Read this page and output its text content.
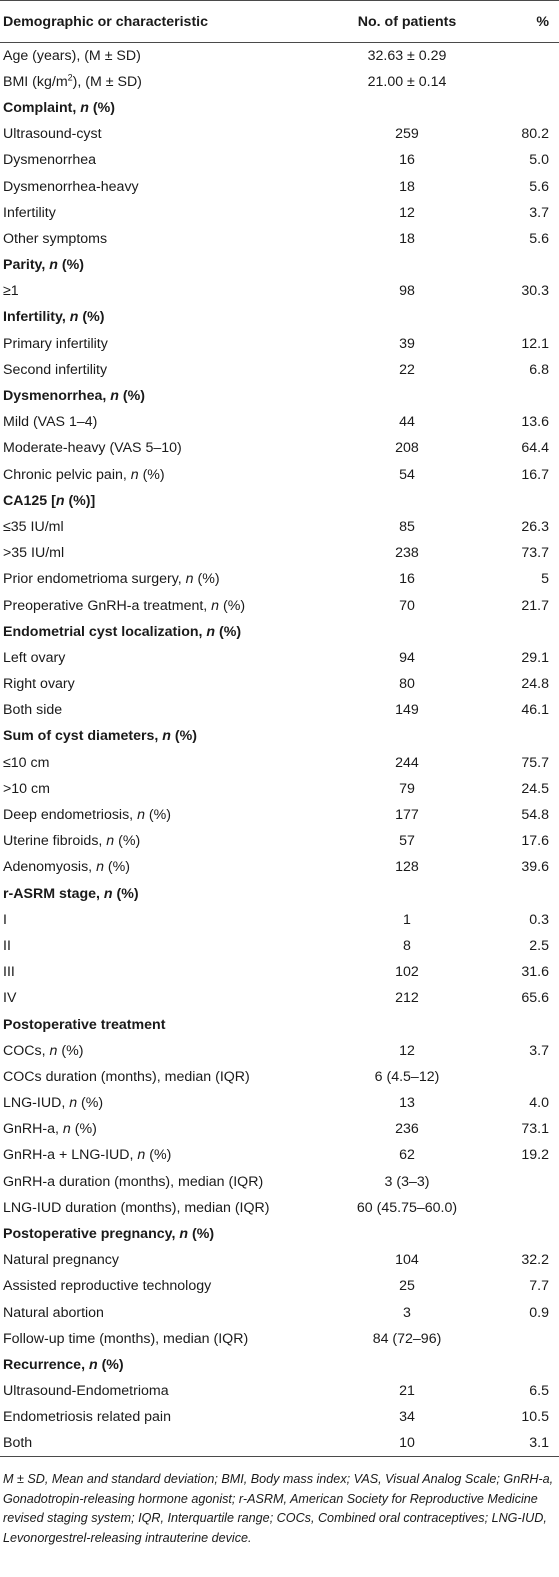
Demographic or characteristic	No. of patients	%
Age (years), (M ± SD)	32.63 ± 0.29	
BMI $(kg/m^2)$, (M ± SD)	21.00 ± 0.14	
Complaint, n (%)		
Ultrasound-cyst	259	80.2
Dysmenorrhea	16	5.0
Dysmenorrhea-heavy	18	5.6
Infertility	12	3.7
Other symptoms	18	5.6
Parity, n (%)		
≥1	98	30.3
Infertility, n (%)		
Primary infertility	39	12.1
Second infertility	22	6.8
Dysmenorrhea, n (%)		
Mild (VAS 1–4)	44	13.6
Moderate-heavy (VAS 5–10)	208	64.4
Chronic pelvic pain, n (%)	54	16.7
CA125 [n (%)]		
≤35 IU/ml	85	26.3
>35 IU/ml	238	73.7
Prior endometrioma surgery, n (%)	16	5
Preoperative GnRH-a treatment, n (%)	70	21.7
Endometrial cyst localization, n (%)		
Left ovary	94	29.1
Right ovary	80	24.8
Both side	149	46.1
Sum of cyst diameters, n (%)		
≤10 cm	244	75.7
>10 cm	79	24.5
Deep endometriosis, n (%)	177	54.8
Uterine fibroids, n (%)	57	17.6
Adenomyosis, n (%)	128	39.6
r-ASRM stage, n (%)		
I	1	0.3
II	8	2.5
III	102	31.6
IV	212	65.6
Postoperative treatment		
COCs, n (%)	12	3.7
COCs duration (months), median (IQR)	6 (4.5–12)	
LNG-IUD, n (%)	13	4.0
GnRH-a, n (%)	236	73.1
GnRH-a + LNG-IUD, n (%)	62	19.2
GnRH-a duration (months), median (IQR)	3 (3–3)	
LNG-IUD duration (months), median (IQR)	60 (45.75–60.0)	
Postoperative pregnancy, n (%)		
Natural pregnancy	104	32.2
Assisted reproductive technology	25	7.7
Natural abortion	3	0.9
Follow-up time (months), median (IQR)	84 (72–96)	
Recurrence, n (%)		
Ultrasound-Endometrioma	21	6.5
Endometriosis related pain	34	10.5
Both	10	3.1
M ± SD, Mean and standard deviation; BMI, Body mass index; VAS, Visual Analog Scale; GnRH-a, Gonadotropin-releasing hormone agonist; r-ASRM, American Society for Reproductive Medicine revised staging system; IQR, Interquartile range; COCs, Combined oral contraceptives; LNG-IUD, Levonorgestrel-releasing intrauterine device.
